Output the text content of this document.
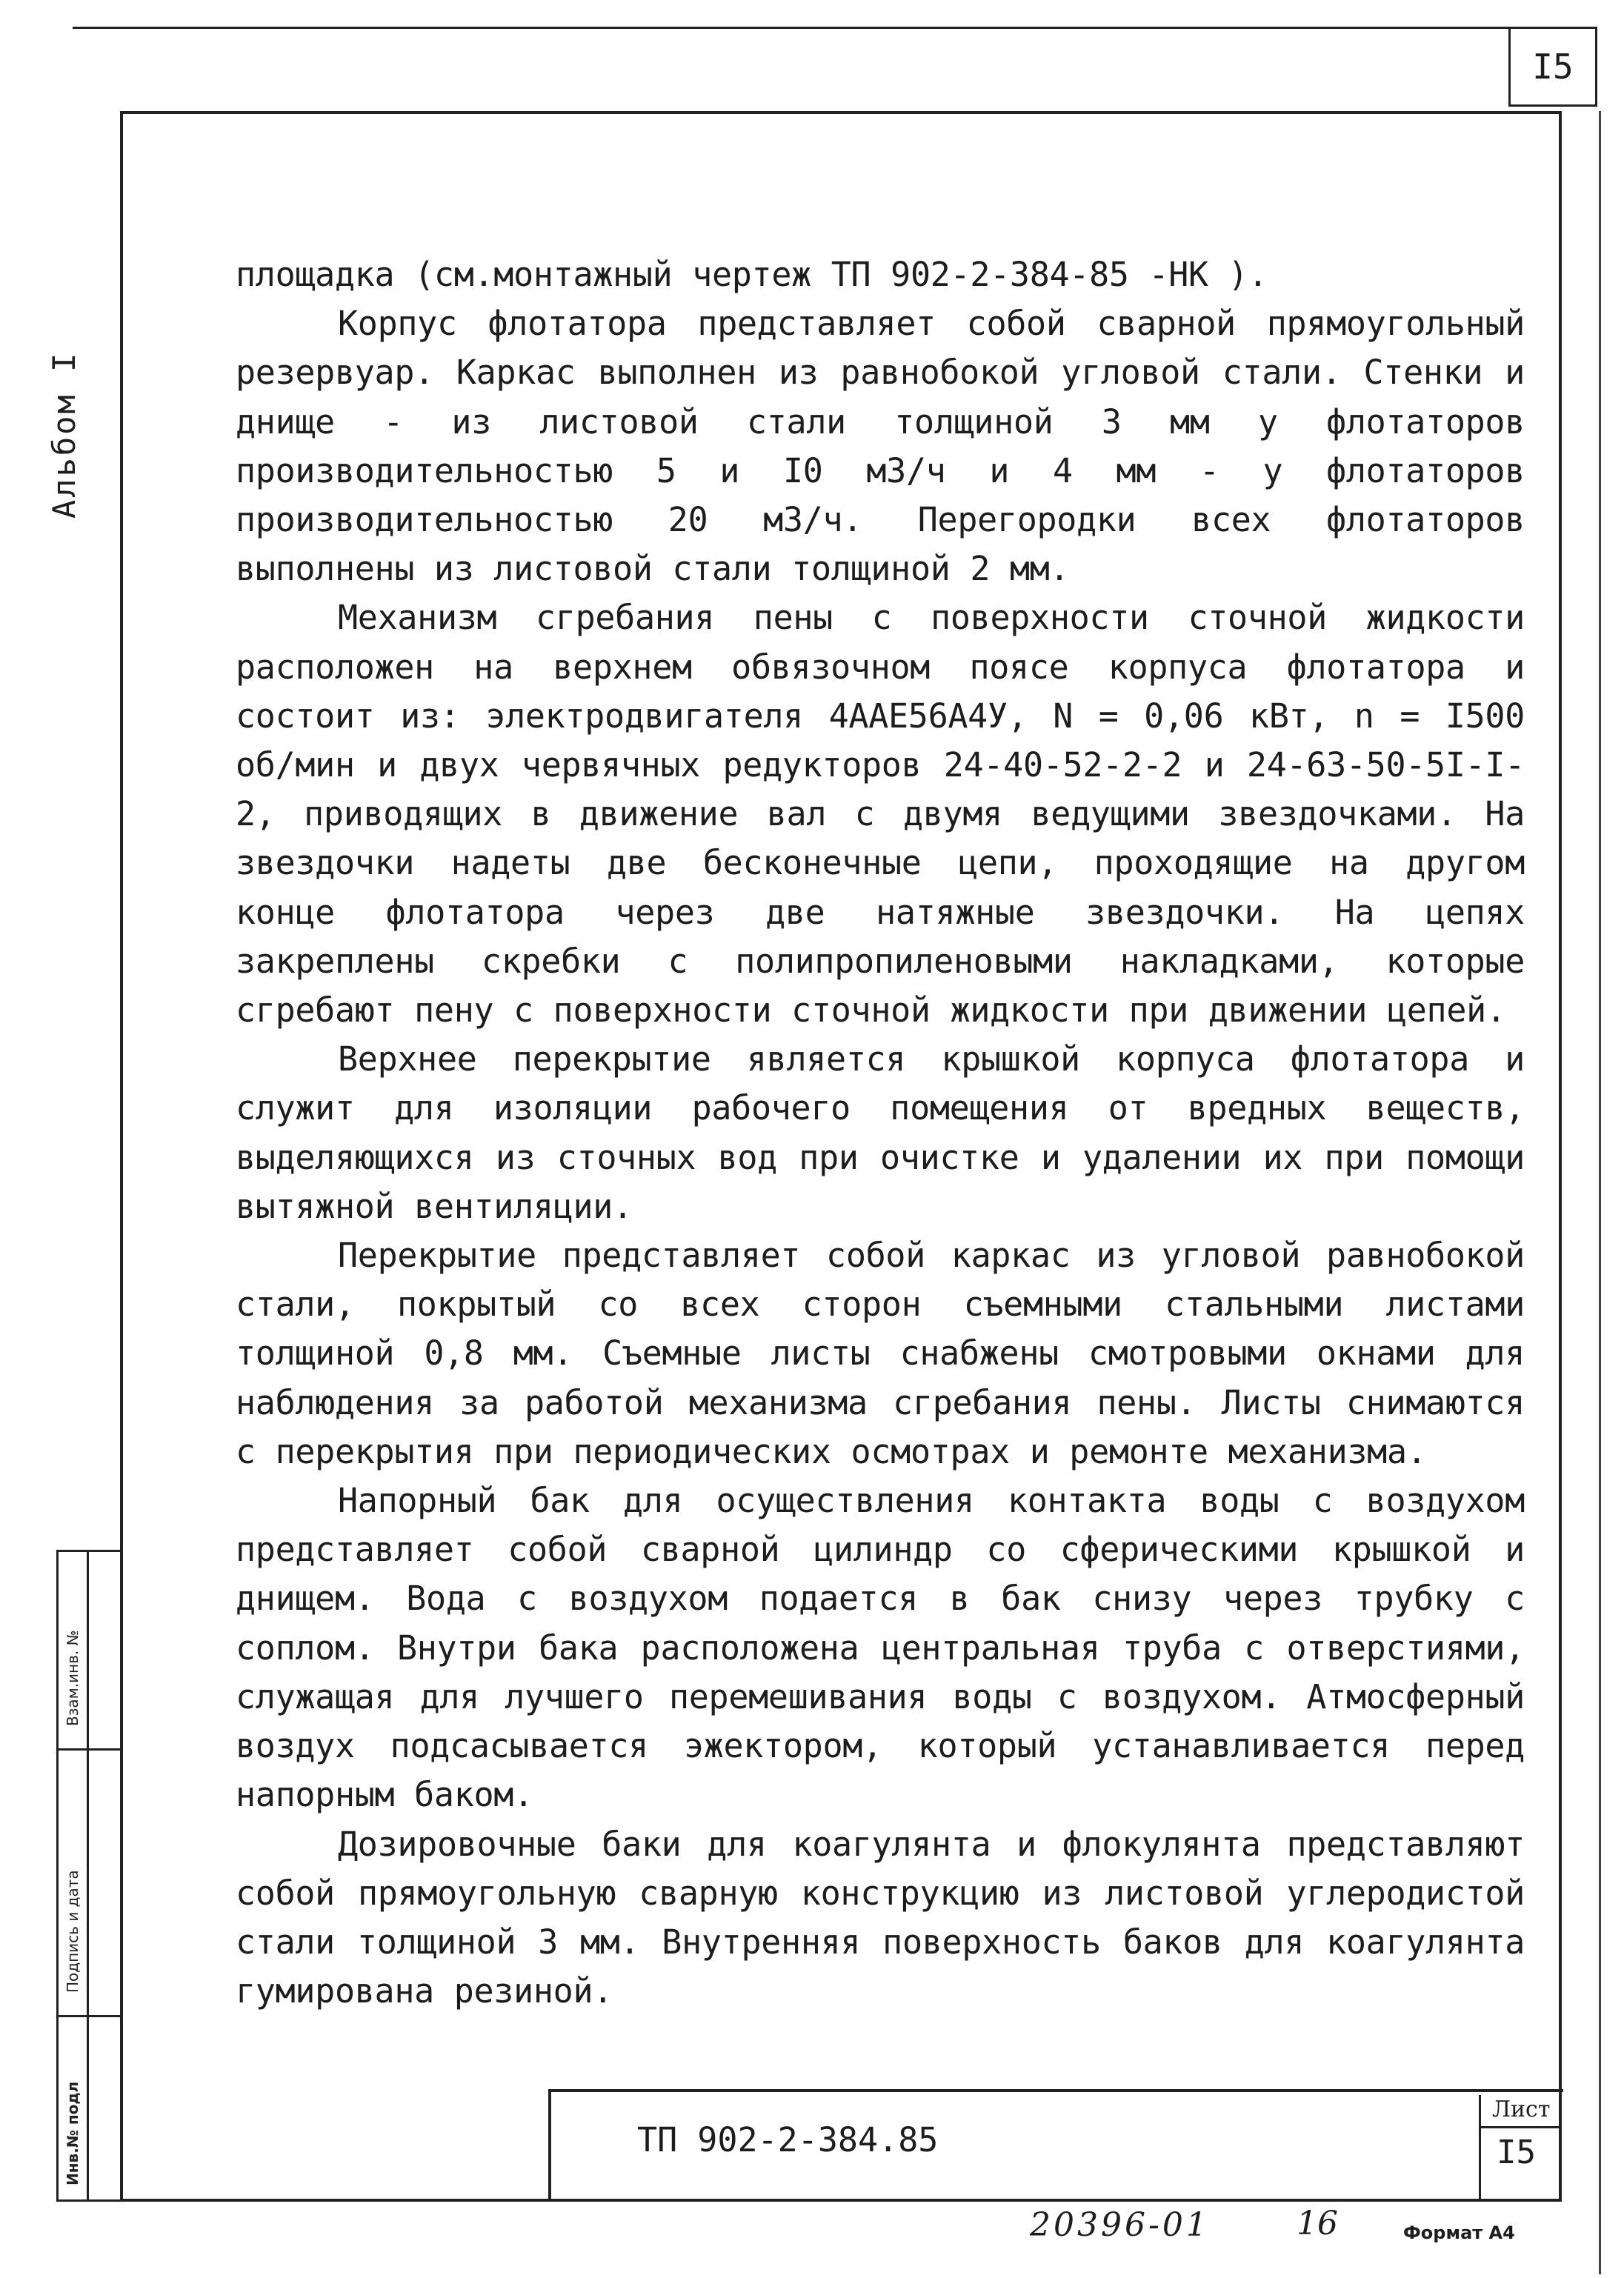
I5
Альбом I
Взам.инв. №
Подпись и дата
Инв.№ подл

площадка (см.монтажный чертеж ТП 902-2-384-85 -НК ).

Корпус флотатора представляет собой сварной прямоугольный резервуар. Каркас выполнен из равнобокой угловой стали. Стенки и днище - из листовой стали толщиной 3 мм у флотаторов производительностью 5 и I0 м3/ч и 4 мм - у флотаторов производительностью 20 м3/ч. Перегородки всех флотаторов выполнены из листовой стали толщиной 2 мм.

Механизм сгребания пены с поверхности сточной жидкости расположен на верхнем обвязочном поясе корпуса флотатора и состоит из: электродвигателя 4ААЕ56А4У, N = 0,06 кВт, n = I500 об/мин и двух червячных редукторов 24-40-52-2-2 и 24-63-50-5I-I-2, приводящих в движение вал с двумя ведущими звездочками. На звездочки надеты две бесконечные цепи, проходящие на другом конце флотатора через две натяжные звездочки. На цепях закреплены скребки с полипропиленовыми накладками, которые сгребают пену с поверхности сточной жидкости при движении цепей.

Верхнее перекрытие является крышкой корпуса флотатора и служит для изоляции рабочего помещения от вредных веществ, выделяющихся из сточных вод при очистке и удалении их при помощи вытяжной вентиляции.

Перекрытие представляет собой каркас из угловой равнобокой стали, покрытый со всех сторон съемными стальными листами толщиной 0,8 мм. Съемные листы снабжены смотровыми окнами для наблюдения за работой механизма сгребания пены. Листы снимаются с перекрытия при периодических осмотрах и ремонте механизма.

Напорный бак для осуществления контакта воды с воздухом представляет собой сварной цилиндр со сферическими крышкой и днищем. Вода с воздухом подается в бак снизу через трубку с соплом. Внутри бака расположена центральная труба с отверстиями, служащая для лучшего перемешивания воды с воздухом. Атмосферный воздух подсасывается эжектором, который устанавливается перед напорным баком.

Дозировочные баки для коагулянта и флокулянта представляют собой прямоугольную сварную конструкцию из листовой углеродистой стали толщиной 3 мм. Внутренняя поверхность баков для коагулянта гумирована резиной.

ТП 902-2-384.85
Лист
I5
20396-01	16	Формат А4
